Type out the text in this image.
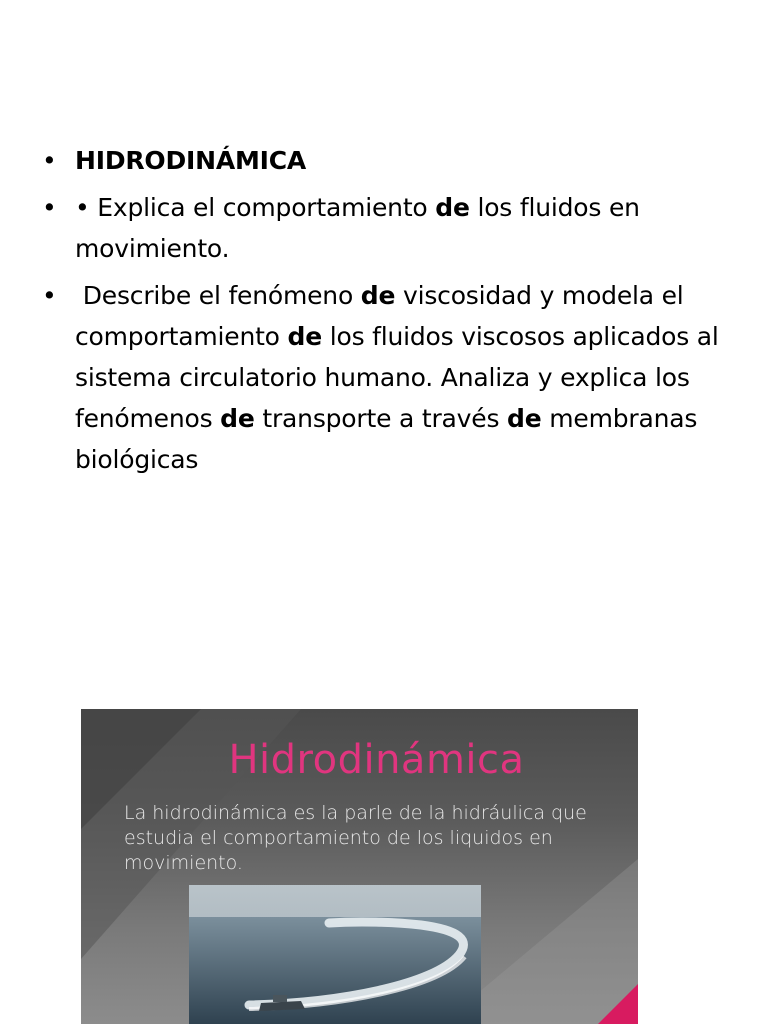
• HIDRODINÁMICA
• • Explica el comportamiento de los fluidos en movimiento.
• Describe el fenómeno de viscosidad y modela el comportamiento de los fluidos viscosos aplicados al sistema circulatorio humano. Analiza y explica los fenómenos de transporte a través de membranas biológicas
Hidrodinámica

La hidrodinámica es la parle de la hidráulica que estudia el comportamiento de los liquidos en movimiento.
